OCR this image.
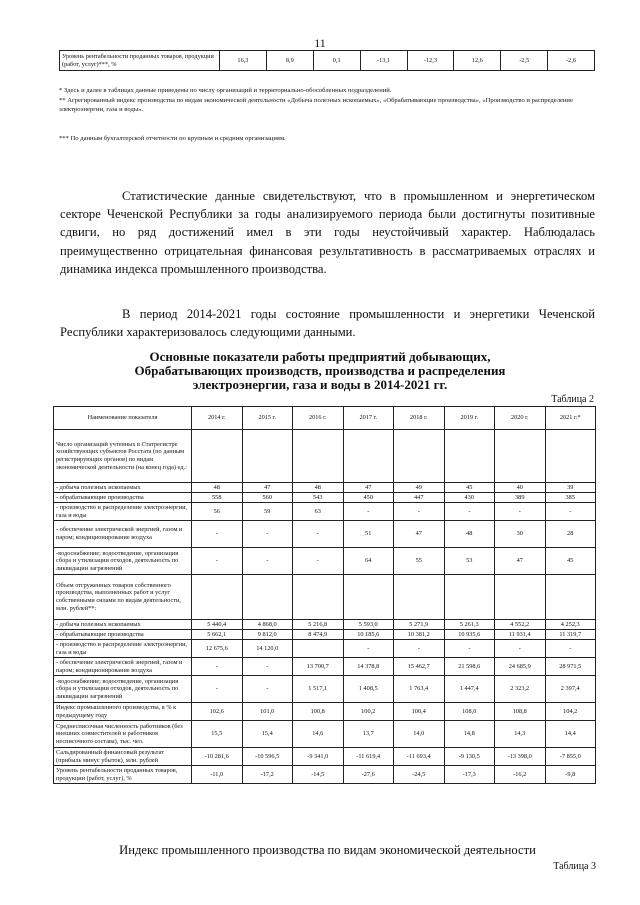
11
Уровень рентабельности проданных товаров, продукции (работ, услуг)***, %	16,3	8,9	0,1	-13,1	-12,3	12,6	-2,5	-2,6
* Здесь и далее в таблицах данные приведены по числу организаций и территориально-обособленных подразделений.
** Агрегированный индекс производства по видам экономической деятельности «Добыча полезных ископаемых», «Обрабатывающие производства», «Производство и распределение электроэнергии, газа и воды».
*** По данным бухгалтерской отчетности по крупным и средним организациям.
Статистические данные свидетельствуют, что в промышленном и энергетическом секторе Чеченской Республики за годы анализируемого периода были достигнуты позитивные сдвиги, но ряд достижений имел в эти годы неустойчивый характер. Наблюдалась преимущественно отрицательная финансовая результативность в рассматриваемых отраслях и динамика индекса промышленного производства.
В период 2014-2021 годы состояние промышленности и энергетики Чеченской Республики характеризовалось следующими данными.
Основные показатели работы предприятий добывающих,
Обрабатывающих производств, производства и распределения
электроэнергии, газа и воды в 2014-2021 гг.
Таблица 2
Наименование показателя	2014 г.	2015 г.	2016 г.	2017 г.	2018 г.	2019 г.	2020 г.	2021 г.*
Число организаций учтенных в Статрегистре хозяйствующих субъектов Росстата (по данным регистрирующих органов) по видам экономической деятельности (на конец года) ед.:								
- добыча полезных ископаемых	48	47	48	47	49	45	40	39
- обрабатывающие производства	558	560	543	450	447	430	389	385
- производство и распределение электроэнергии, газа и воды	56	59	63	-	-	-	-	-
- обеспечение электрической энергией, газом и паром; кондиционирование воздуха	-	-	-	51	47	48	30	28
-водоснабжение; водоотведение, организация сбора и утилизации отходов, деятельность по ликвидации загрязнений	-	-	-	64	55	53	47	45
Объем отгруженных товаров собственного производства, выполненных работ и услуг собственными силами по видам деятельности, млн. рублей**:								
- добыча полезных ископаемых	5 440,4	4 868,0	5 216,8	5 593,0	5 271,9	5 261,3	4 552,2	4 252,3
- обрабатывающие производства	5 662,1	9 812,0	8 474,9	10 185,6	10 381,2	10 935,6	11 931,4	11 319,7
- производство и распределение электроэнергии, газа и воды	12 675,6	14 120,0		-	-	-	-	-
- обеспечение электрической энергией, газом и паром; кондиционирование воздуха	-	-	13 700,7	14 378,8	15 462,7	21 598,6	24 685,9	28 971,5
-водоснабжение; водоотведение, организация сбора и утилизации отходов, деятельность по ликвидации загрязнений	-	-	1 517,1	1 408,5	1 763,4	1 447,4	2 323,2	2 397,4
Индекс промышленного производства, в % к предыдущему году	102,6	101,0	100,8	100,2	100,4	108,0	108,8	104,2
Среднесписочная численность работников (без внешних совместителей и работников несписочного состава), тыс. чел.	15,5	15,4	14,6	13,7	14,0	14,8	14,3	14,4
Сальдированный финансовый результат (прибыль минус убыток), млн. рублей	-10 281,6	-10 596,5	-9 341,0	-11 619,4	-11 693,4	-9 130,5	-13 398,0	-7 855,0
Уровень рентабельности проданных товаров, продукции (работ, услуг), %	-11,0	-17,2	-14,5	-27,6	-24,5	-17,3	-16,2	-9,8
Индекс промышленного производства по видам экономической деятельности
Таблица 3
